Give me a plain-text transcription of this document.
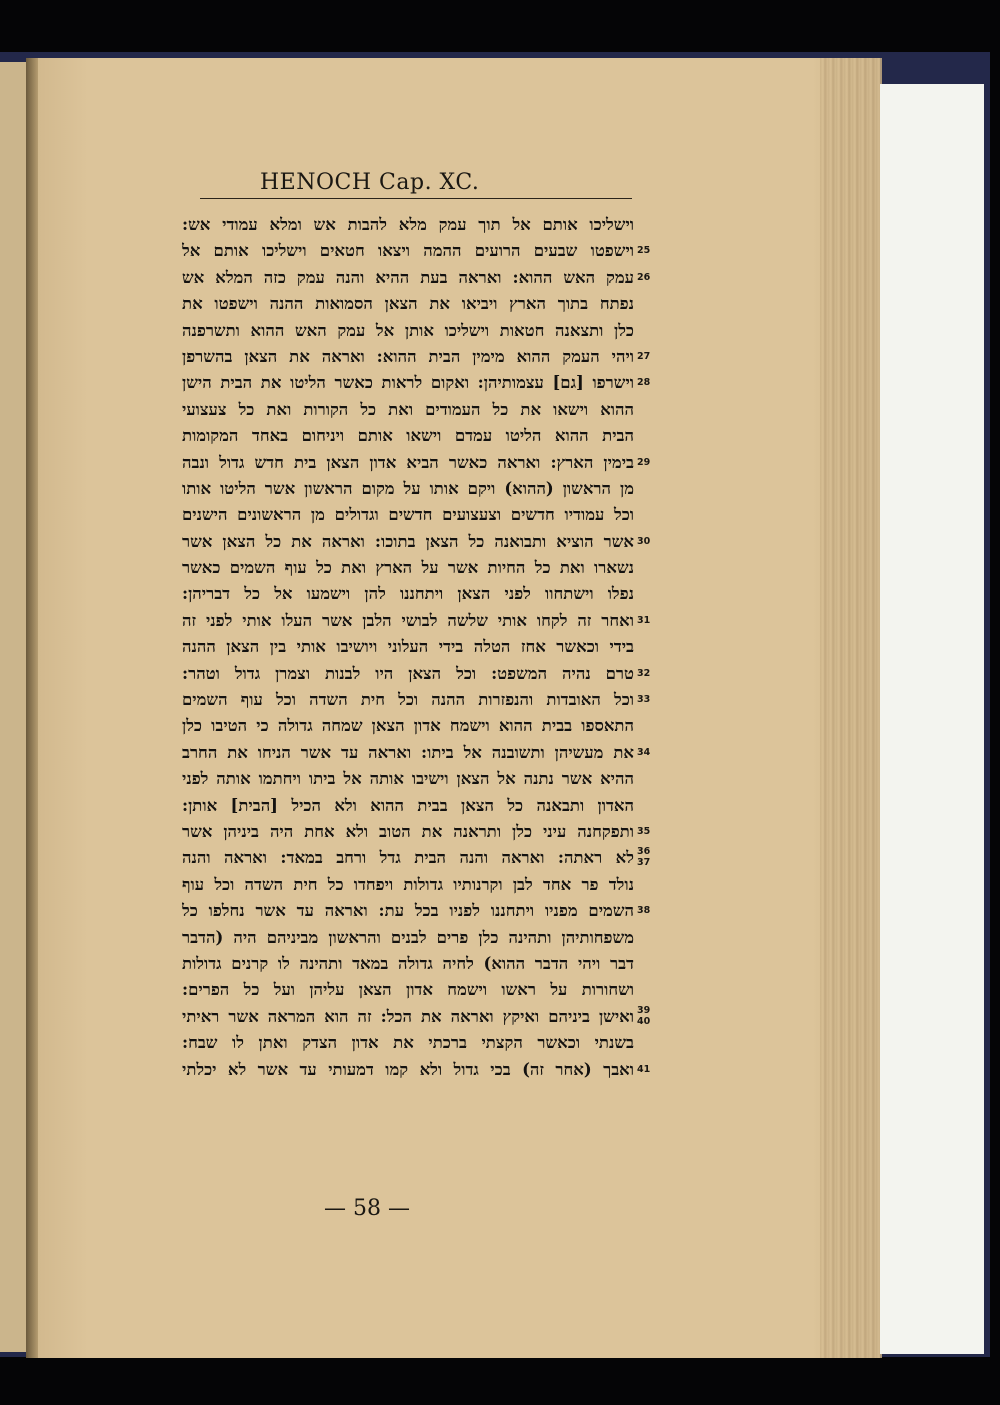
HENOCH Cap. XC.
וישליכו אותם אל תוך עמק מלא להבות אש ומלא עמודי אש:
וישפטו שבעים הרועים ההמה ויצאו חטאים וישליכו אותם אל
עמק האש ההוא: ואראה בעת ההיא והנה עמק כזה המלא אש
נפתח בתוך הארץ ויביאו את הצאן הסמואות ההנה וישפטו את
כלן ותצאנה חטאות וישליכו אותן אל עמק האש ההוא ותשרפנה
ויהי העמק ההוא מימין הבית ההוא: ואראה את הצאן בהשרפן
וישרפו [גם] עצמותיהן: ואקום לראות כאשר הליטו את הבית הישן
ההוא וישאו את כל העמודים ואת כל הקורות ואת כל צעצועי
הבית ההוא הליטו עמדם וישאו אותם ויניחום באחד המקומות
בימין הארץ: ואראה כאשר הביא אדון הצאן בית חדש גדול ונבה
מן הראשון (ההוא) ויקם אותו על מקום הראשון אשר הליטו אותו
וכל עמודיו חדשים וצעצועים חדשים וגדולים מן הראשונים הישנים
אשר הוציא ותבואנה כל הצאן בתוכו: ואראה את כל הצאן אשר
נשארו ואת כל החיות אשר על הארץ ואת כל עוף השמים כאשר
נפלו וישתחוו לפני הצאן ויתחננו להן וישמעו אל כל דבריהן:
ואחר זה לקחו אותי שלשה לבושי הלבן אשר העלו אותי לפני זה
בידי וכאשר אחז הטלה בידי העלוני ויושיבו אותי בין הצאן ההנה
טרם נהיה המשפט: וכל הצאן היו לבנות וצמרן גדול וטהר:
וכל האובדות והנפזרות ההנה וכל חית השדה וכל עוף השמים
התאספו בבית ההוא וישמח אדון הצאן שמחה גדולה כי הטיבו כלן
את מעשיהן ותשובנה אל ביתו: ואראה עד אשר הניחו את החרב
ההיא אשר נתנה אל הצאן וישיבו אותה אל ביתו ויחתמו אותה לפני
האדון ותבאנה כל הצאן בבית ההוא ולא הכיל [הבית] אותן:
ותפקחנה עיני כלן ותראנה את הטוב ולא אחת היה ביניהן אשר
לא ראתה: ואראה והנה הבית גדל ורחב במאד: ואראה והנה
נולד פר אחד לבן וקרנותיו גדולות ויפחדו כל חית השדה וכל עוף
השמים מפניו ויתחננו לפניו בכל עת: ואראה עד אשר נחלפו כל
משפחותיהן ותהינה כלן פרים לבנים והראשון מביניהם היה (הדבר
דבר ויהי הדבר ההוא) לחיה גדולה במאד ותהינה לו קרנים גדולות
ושחורות על ראשו וישמח אדון הצאן עליהן ועל כל הפרים:
ואישן ביניהם ואיקץ ואראה את הכל: זה הוא המראה אשר ראיתי
בשנתי וכאשר הקצתי ברכתי את אדון הצדק ואתן לו שבח:
ואבך (אחר זה) בכי גדול ולא קמו דמעותי עד אשר לא יכלתי
25
26
27
28
29
30
31
32
33
34
35
36
37
38
39
40
41
— 58 —
